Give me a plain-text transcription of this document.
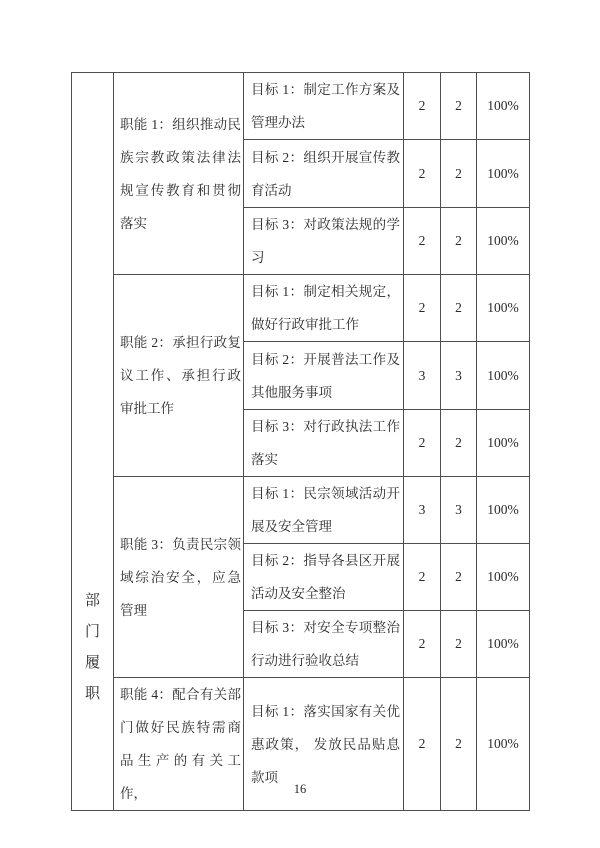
部
门
履
职	职能 1：组织推动民族宗教政策法律法规宣传教育和贯彻落实	目标 1：制定工作方案及管理办法	2	2	100%
		目标 2：组织开展宣传教育活动	2	2	100%
		目标 3：对政策法规的学习	2	2	100%
	职能 2：承担行政复议工作、承担行政审批工作	目标 1：制定相关规定，做好行政审批工作	2	2	100%
		目标 2：开展普法工作及其他服务事项	3	3	100%
		目标 3：对行政执法工作落实	2	2	100%
	职能 3：负责民宗领域综治安全，应急管理	目标 1：民宗领域活动开展及安全管理	3	3	100%
		目标 2：指导各县区开展活动及安全整治	2	2	100%
		目标 3：对安全专项整治行动进行验收总结	2	2	100%
	职能 4：配合有关部门做好民族特需商品生产的有关工作，	目标 1：落实国家有关优惠政策， 发放民品贴息款项	2	2	100%
16
